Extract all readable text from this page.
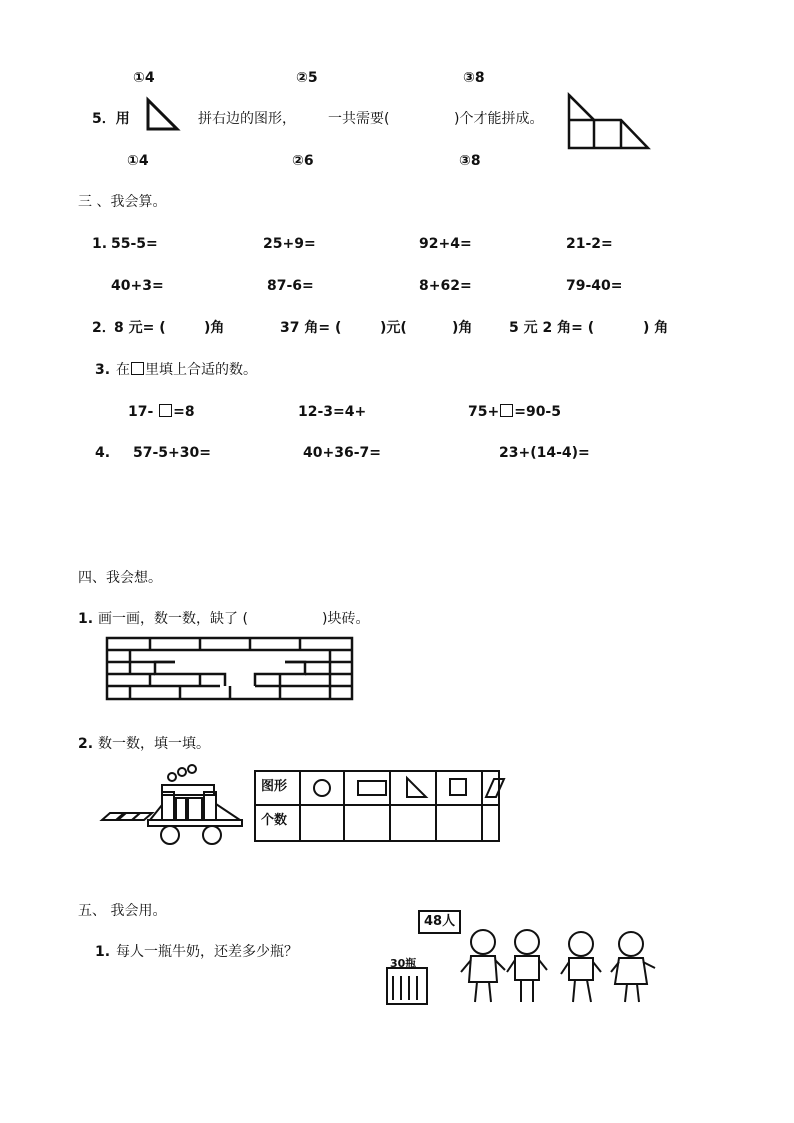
①4	②5	③8
5．用	拼右边的图形， 一共需要(	)个才能拼成。
①4	②6	③8
三 、我会算。
1. 55-5=	25+9=	92+4=	21-2=
40+3=	87-6=	8+62=	79-40=
2．
8 元= (	)角	37 角= (	)元(	)角	5 元 2 角= (	) 角
3. 在 里填上合适的数。
17- =8	12-3=4+	75+ =90-5
4. 57-5+30=	40+36-7=	23+(14-4)=
四、我会想。
1. 画一画，数一数，缺了 (	)块砖。
2. 数一数，填一填。
图形
个数
五、 我会用。
1. 每人一瓶牛奶，还差多少瓶？
48人
30瓶
